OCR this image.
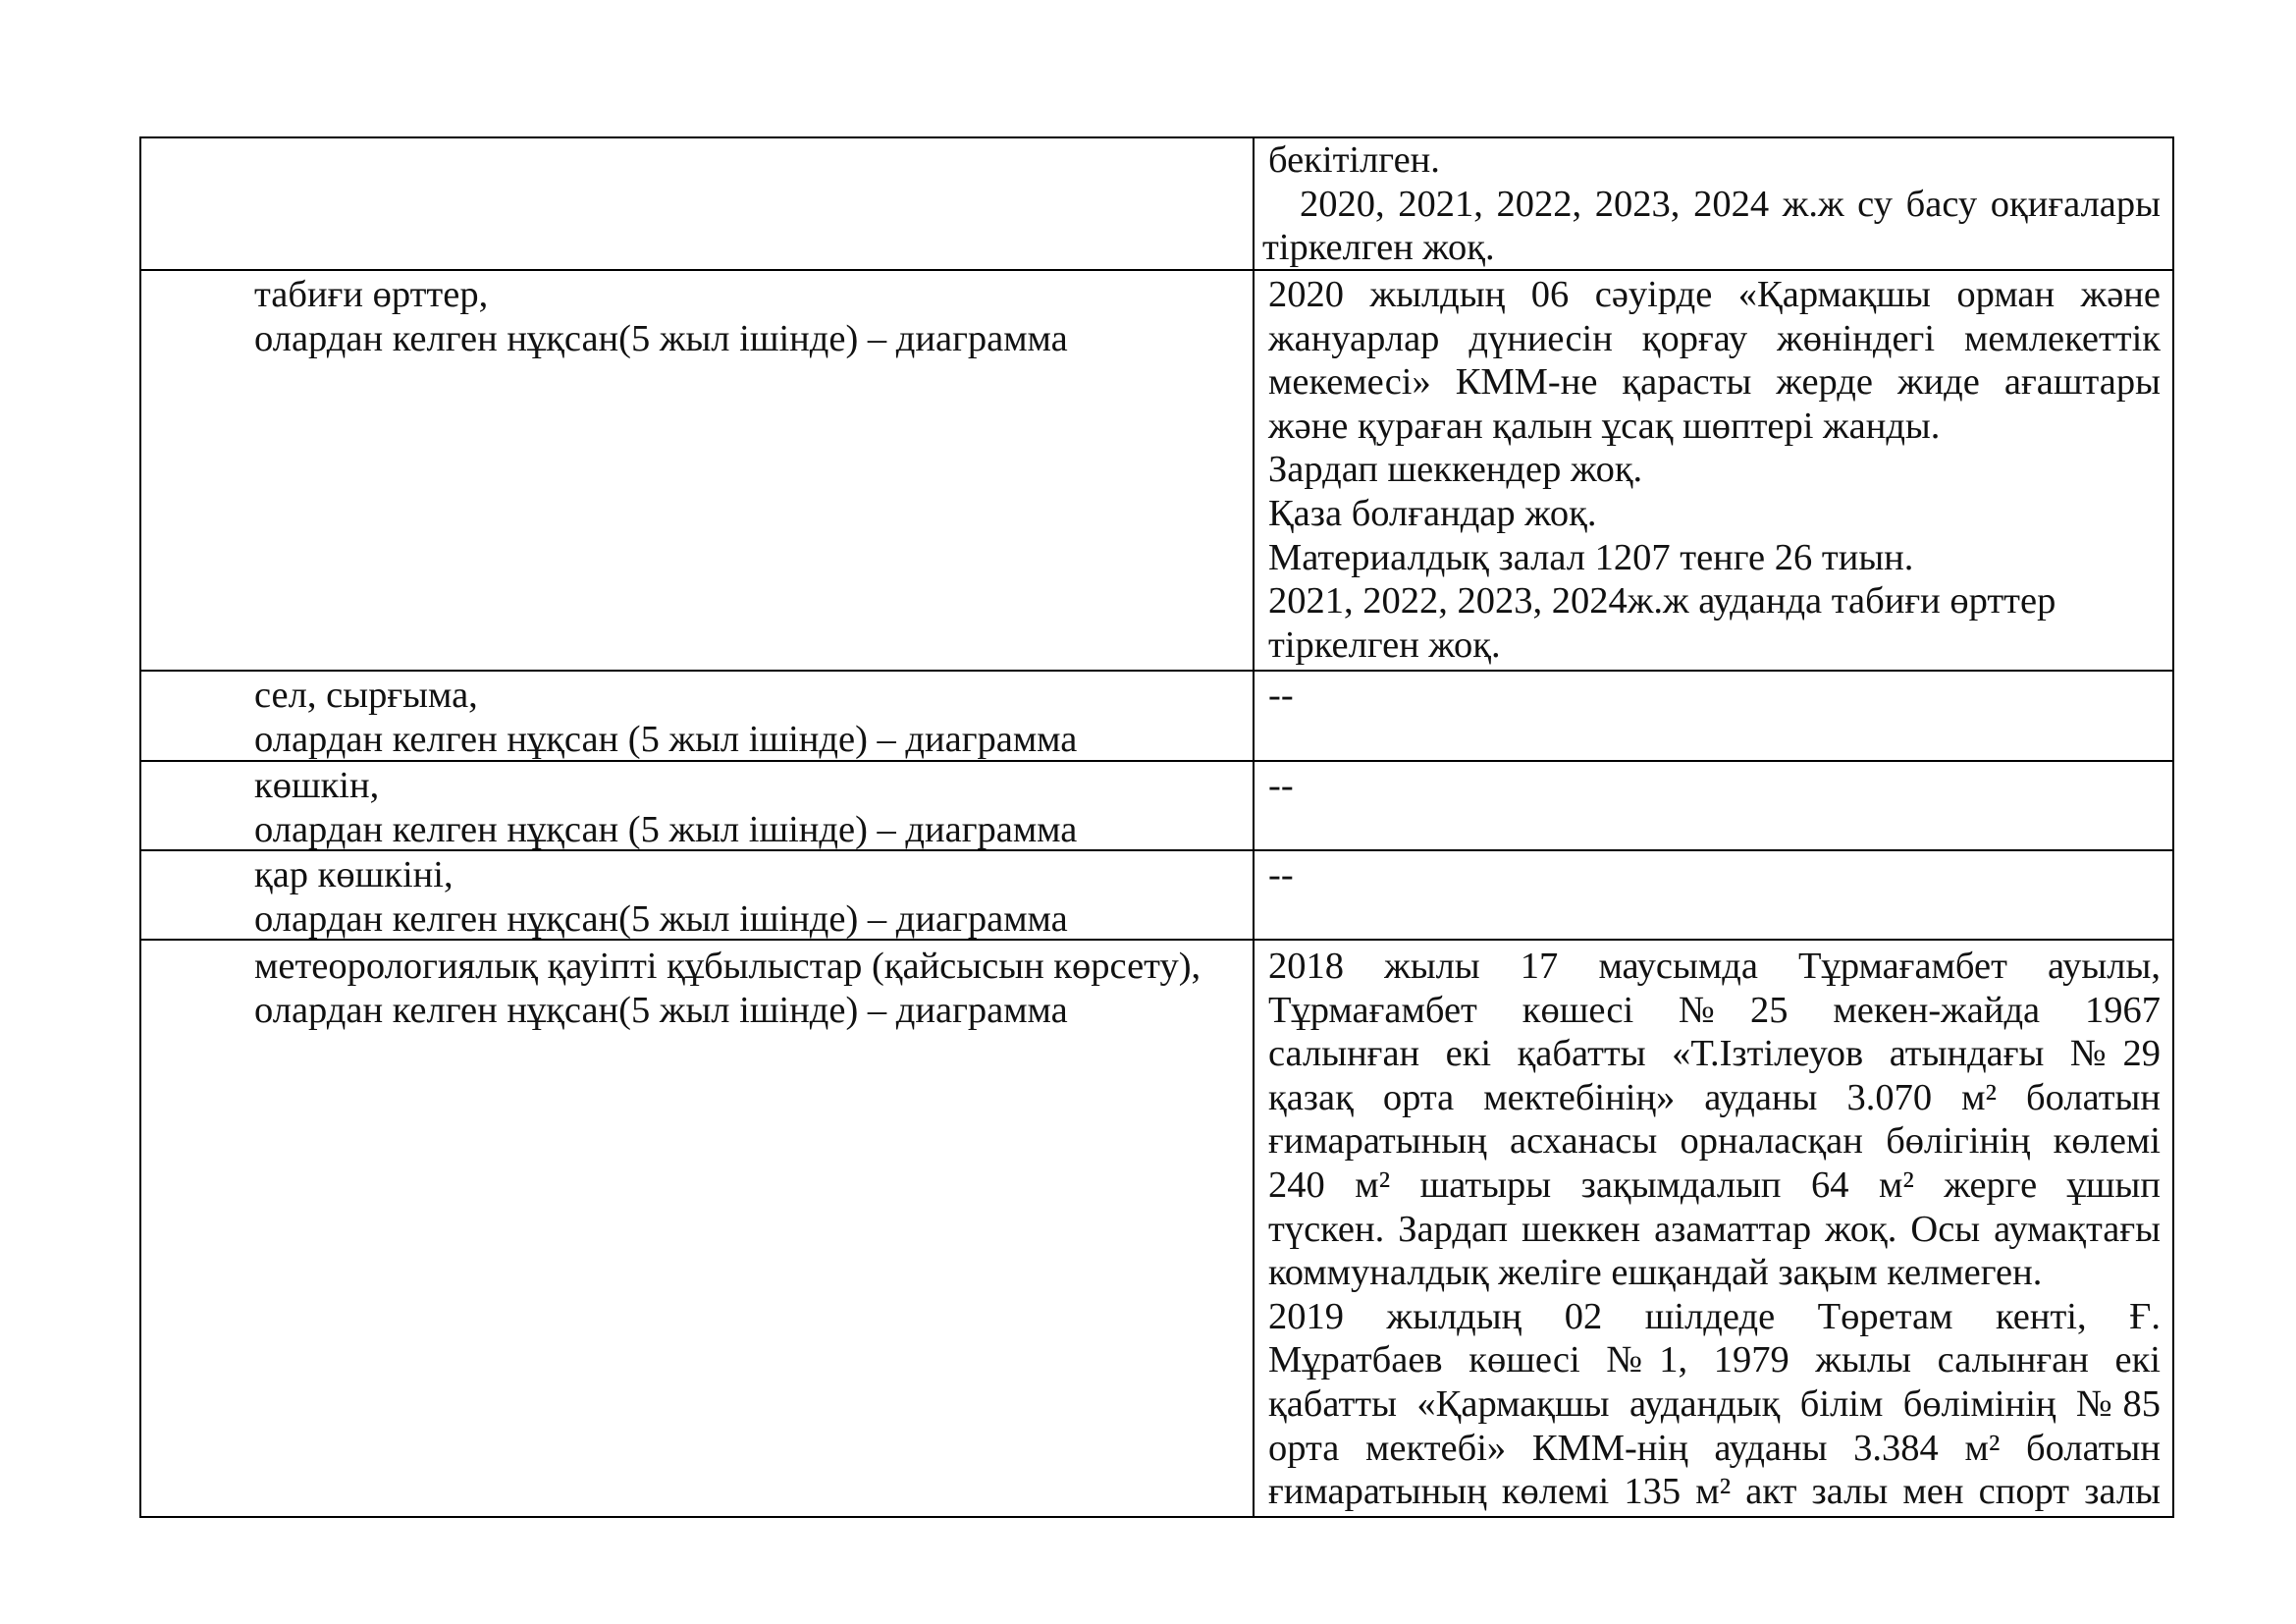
бекітілген.
2020, 2021, 2022, 2023, 2024 ж.ж су басу оқиғалары
тіркелген жоқ.
табиғи өрттер,
олардан келген нұқсан(5 жыл ішінде) – диаграмма
2020 жылдың 06 сәуірде «Қармақшы орман және
жануарлар дүниесін қорғау жөніндегі мемлекеттік
мекемесі» КММ-не қарасты жерде жиде ағаштары
және қураған қалын ұсақ шөптері жанды.
Зардап шеккендер жоқ.
Қаза болғандар жоқ.
Материалдық залал 1207 тенге 26 тиын.
2021, 2022, 2023, 2024ж.ж ауданда табиғи өрттер
тіркелген жоқ.
сел, сырғыма,
олардан келген нұқсан (5 жыл ішінде) – диаграмма
--
көшкін,
олардан келген нұқсан (5 жыл ішінде) – диаграмма
--
қар көшкіні,
олардан келген нұқсан(5 жыл ішінде) – диаграмма
--
метеорологиялық қауіпті құбылыстар (қайсысын көрсету),
олардан келген нұқсан(5 жыл ішінде) – диаграмма
2018 жылы 17 маусымда Тұрмағамбет ауылы,
Тұрмағамбет көшесі №25 мекен-жайда 1967
салынған екі қабатты «Т.Ізтілеуов атындағы №29
қазақ орта мектебінің» ауданы 3.070 м² болатын
ғимаратының асханасы орналасқан бөлігінің көлемі
240 м² шатыры зақымдалып 64 м² жерге ұшып
түскен. Зардап шеккен азаматтар жоқ. Осы аумақтағы
коммуналдық желіге ешқандай зақым келмеген.
2019 жылдың 02 шілдеде Төретам кенті, Ғ.
Мұратбаев көшесі №1, 1979 жылы салынған екі
қабатты «Қармақшы аудандық білім бөлімінің №85
орта мектебі» КММ-нің ауданы 3.384 м² болатын
ғимаратының көлемі 135 м² акт залы мен спорт залы
